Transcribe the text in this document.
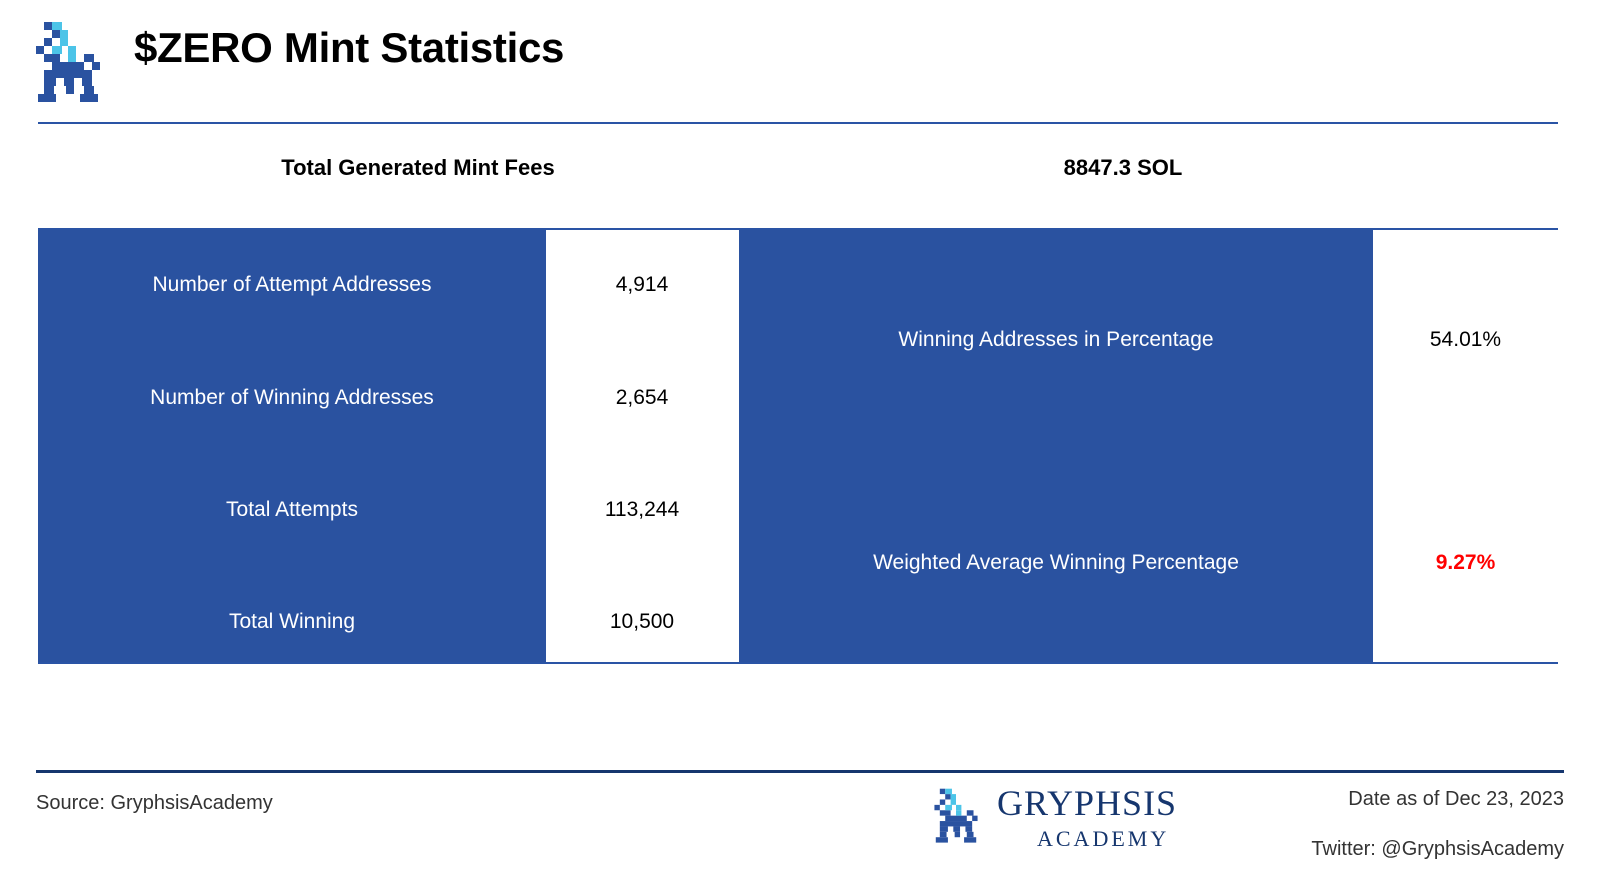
$ZERO Mint Statistics
Total Generated Mint Fees	8847.3 SOL
Number of Attempt Addresses	4,914
Number of Winning Addresses	2,654
Total Attempts	113,244
Total Winning	10,500
Winning Addresses in Percentage	54.01%
Weighted Average Winning Percentage	9.27%
Source: GryphsisAcademy	GRYPHSIS
ACADEMY
Date as of Dec 23, 2023
Twitter: @GryphsisAcademy
